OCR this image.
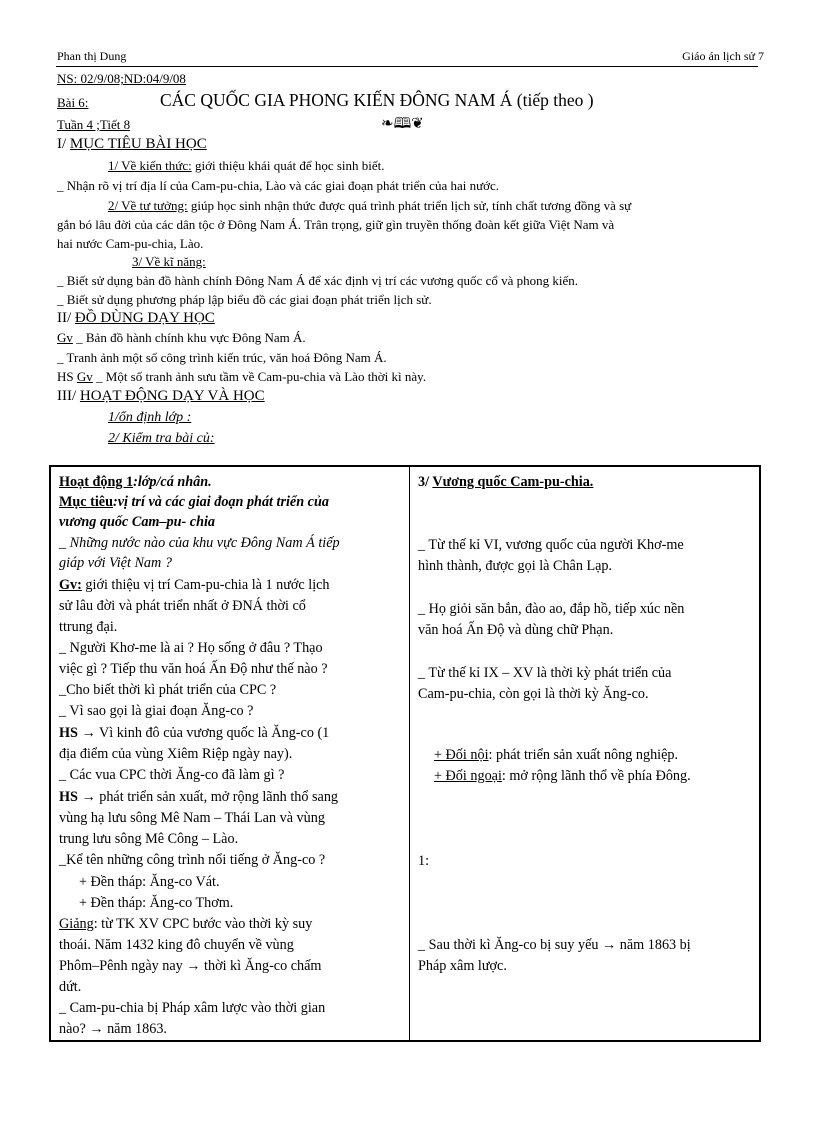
Phan thị Dung	Giáo án lịch sử 7
NS: 02/9/08;ND:04/9/08
Bài 6:	CÁC QUỐC GIA PHONG KIẾN ĐÔNG NAM Á (tiếp theo )
Tuần 4 ;Tiết 8	❧🕮❦
I/ MỤC TIÊU BÀI HỌC
1/ Về kiến thức: giới thiệu khái quát để học sinh biết.
_ Nhận rõ vị trí địa lí của Cam-pu-chia, Lào và các giai đoạn phát triển của hai nước.
2/ Về tư tưởng: giúp học sinh nhận thức được quá trình phát triển lịch sử, tính chất tương đồng và sự
gắn bó lâu đời của các dân tộc ở Đông Nam Á. Trân trọng, giữ gìn truyền thống đoàn kết giữa Việt Nam và
hai nước Cam-pu-chia, Lào.
3/ Về kĩ năng:
_ Biết sử dụng bản đồ hành chính Đông Nam Á để xác định vị trí các vương quốc cổ và phong kiến.
_ Biết sử dụng phương pháp lập biểu đồ các giai đoạn phát triển lịch sử.
II/ ĐỒ DÙNG DẠY HỌC
Gv _ Bản đồ hành chính khu vực Đông Nam Á.
_ Tranh ảnh một số công trình kiến trúc, văn hoá Đông Nam Á.
HS Gv _ Một số tranh ảnh sưu tầm về Cam-pu-chia và Lào thời kì này.
III/ HOẠT ĐỘNG DẠY VÀ HỌC
1/ổn định lớp :
2/ Kiểm tra bài củ:
Hoạt động 1:lớp/cá nhân.
Mục tiêu:vị trí và các giai đoạn phát triển của
vương quốc Cam–pu- chia
_ Những nước nào của khu vực Đông Nam Á tiếp
giáp với Việt Nam ?
Gv: giới thiệu vị trí Cam-pu-chia là 1 nước lịch
sử lâu đời và phát triển nhất ở ĐNÁ thời cổ
ttrung đại.
_ Người Khơ-me là ai ? Họ sống ở đâu ? Thạo
việc gì ? Tiếp thu văn hoá Ấn Độ như thế nào ?
_Cho biết thời kì phát triển của CPC ?
_ Vì sao gọi là giai đoạn Ăng-co ?
HS → Vì kinh đô của vương quốc là Ăng-co (1
địa điểm của vùng Xiêm Riệp ngày nay).
_ Các vua CPC thời Ăng-co đã làm gì ?
HS → phát triển sản xuất, mở rộng lãnh thổ sang
vùng hạ lưu sông Mê Nam – Thái Lan và vùng
trung lưu sông Mê Công – Lào.
_Kể tên những công trình nổi tiếng ở Ăng-co ?
+ Đền tháp: Ăng-co Vát.
+ Đền tháp: Ăng-co Thơm.
Giảng: từ TK XV CPC bước vào thời kỳ suy
thoái. Năm 1432 king đô chuyển về vùng
Phôm–Pênh ngày nay → thời kì Ăng-co chấm
dứt.
_ Cam-pu-chia bị Pháp xâm lược vào thời gian
nào? → năm 1863.

3/ Vương quốc Cam-pu-chia.
_ Từ thế kỉ VI, vương quốc của người Khơ-me
hình thành, được gọi là Chân Lạp.
_ Họ giỏi săn bắn, đào ao, đắp hồ, tiếp xúc nền
văn hoá Ấn Độ và dùng chữ Phạn.
_ Từ thế kỉ IX – XV là thời kỳ phát triển của
Cam-pu-chia, còn gọi là thời kỳ Ăng-co.
+ Đối nội: phát triển sản xuất nông nghiệp.
+ Đối ngoại: mở rộng lãnh thổ về phía Đông.
1:
_ Sau thời kì Ăng-co bị suy yếu → năm 1863 bị
Pháp xâm lược.
